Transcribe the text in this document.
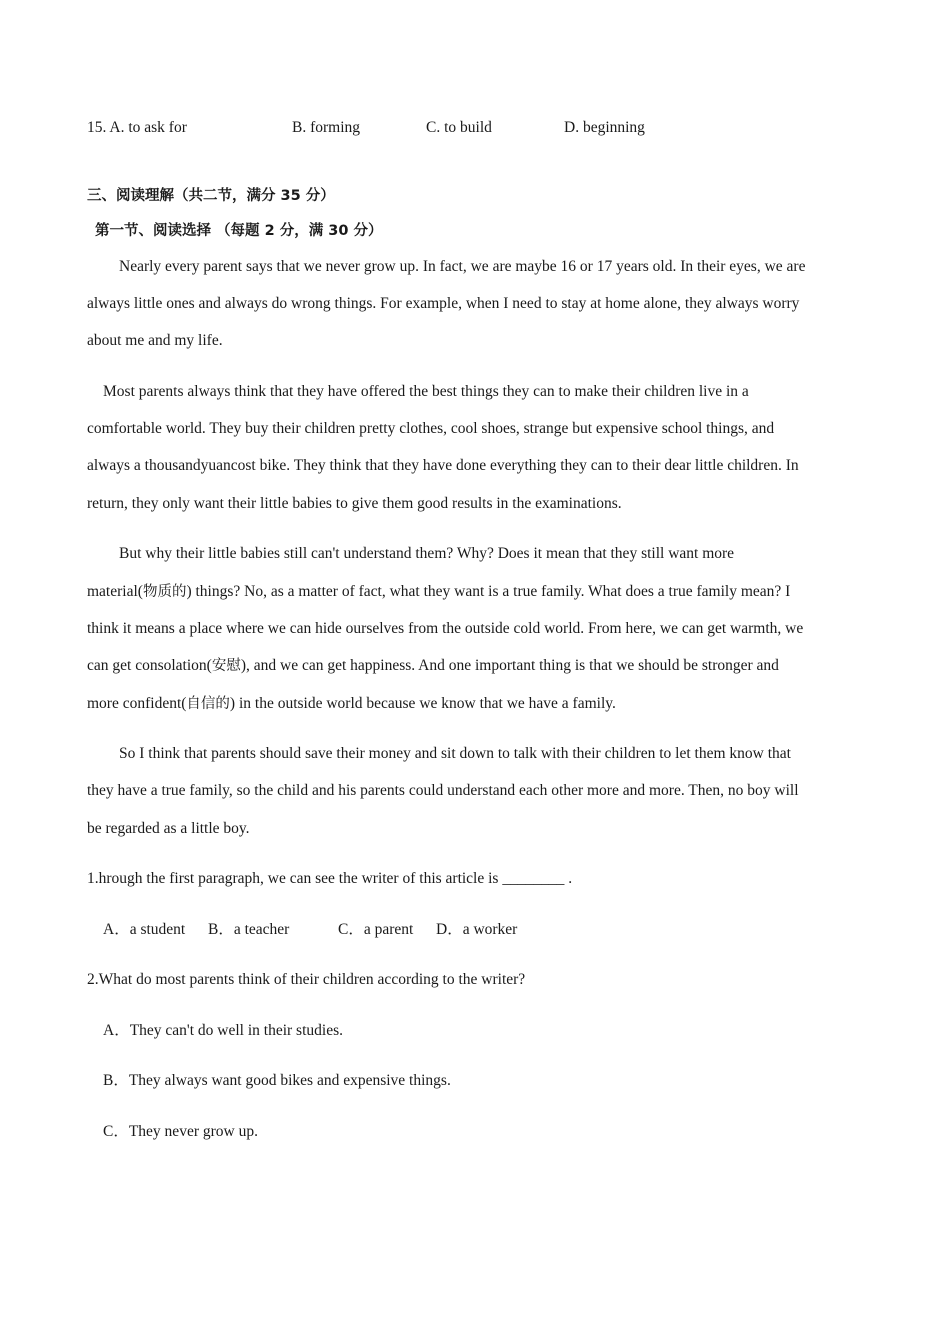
15. A. to ask for	B. forming	C. to build	D. beginning
三、阅读理解（共二节，满分 35 分）
第一节、阅读选择 （每题 2 分，满 30 分）
Nearly every parent says that we never grow up. In fact, we are maybe 16 or 17 years old. In their eyes, we are
always little ones and always do wrong things. For example, when I need to stay at home alone, they always worry
about me and my life.
Most parents always think that they have offered the best things they can to make their children live in a
comfortable world. They buy their children pretty clothes, cool shoes, strange but expensive school things, and
always a thousandyuancost bike. They think that they have done everything they can to their dear little children. In
return, they only want their little babies to give them good results in the examinations.
But why their little babies still can't understand them? Why? Does it mean that they still want more
material(物质的) things? No, as a matter of fact, what they want is a true family. What does a true family mean? I
think it means a place where we can hide ourselves from the outside cold world. From here, we can get warmth, we
can get consolation(安慰), and we can get happiness. And one important thing is that we should be stronger and
more confident(自信的) in the outside world because we know that we have a family.
So I think that parents should save their money and sit down to talk with their children to let them know that
they have a true family, so the child and his parents could understand each other more and more. Then, no boy will
be regarded as a little boy.
1.hrough the first paragraph, we can see the writer of this article is ________ .
A．a student B．a teacher	C．a parent D．a worker
2.What do most parents think of their children according to the writer?
A．They can't do well in their studies.
B．They always want good bikes and expensive things.
C．They never grow up.
